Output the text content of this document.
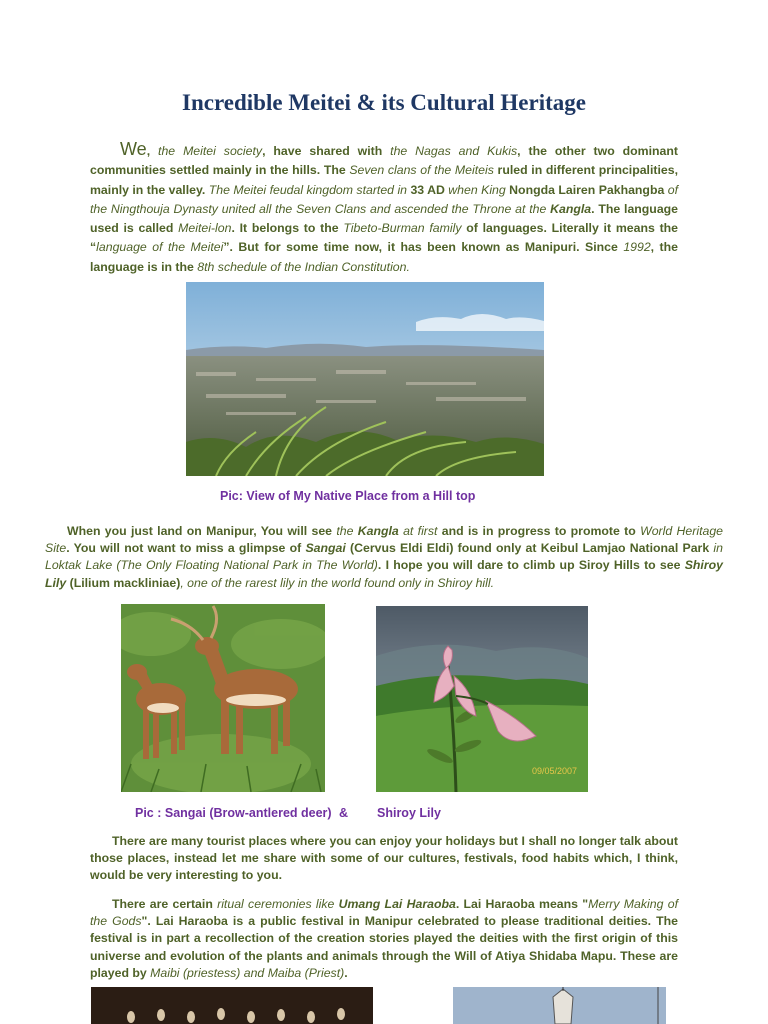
Incredible Meitei & its Cultural Heritage

We, the Meitei society, have shared with the Nagas and Kukis, the other two dominant communities settled mainly in the hills. The Seven clans of the Meiteis ruled in different principalities, mainly in the valley. The Meitei feudal kingdom started in 33 AD when King Nongda Lairen Pakhangba of the Ningthouja Dynasty united all the Seven Clans and ascended the Throne at the Kangla. The language used is called Meitei-lon. It belongs to the Tibeto-Burman family of languages. Literally it means the “language of the Meitei”. But for some time now, it has been known as Manipuri. Since 1992, the language is in the 8th schedule of the Indian Constitution.

Pic: View of My Native Place from a Hill top

When you just land on Manipur, You will see the Kangla at first and is in progress to promote to World Heritage Site. You will not want to miss a glimpse of Sangai (Cervus Eldi Eldi) found only at Keibul Lamjao National Park in Loktak Lake (The Only Floating National Park in The World). I hope you will dare to climb up Siroy Hills to see Shiroy Lily (Lilium mackliniae), one of the rarest lily in the world found only in Shiroy hill.

09/05/2007
Pic : Sangai (Brow-antlered deer) & Shiroy Lily

There are many tourist places where you can enjoy your holidays but I shall no longer talk about those places, instead let me share with some of our cultures, festivals, food habits which, I think, would be very interesting to you.

There are certain ritual ceremonies like Umang Lai Haraoba. Lai Haraoba means "Merry Making of the Gods". Lai Haraoba is a public festival in Manipur celebrated to please traditional deities. The festival is in part a recollection of the creation stories played the deities with the first origin of this universe and evolution of the plants and animals through the Will of Atiya Shidaba Mapu. These are played by Maibi (priestess) and Maiba (Priest).
